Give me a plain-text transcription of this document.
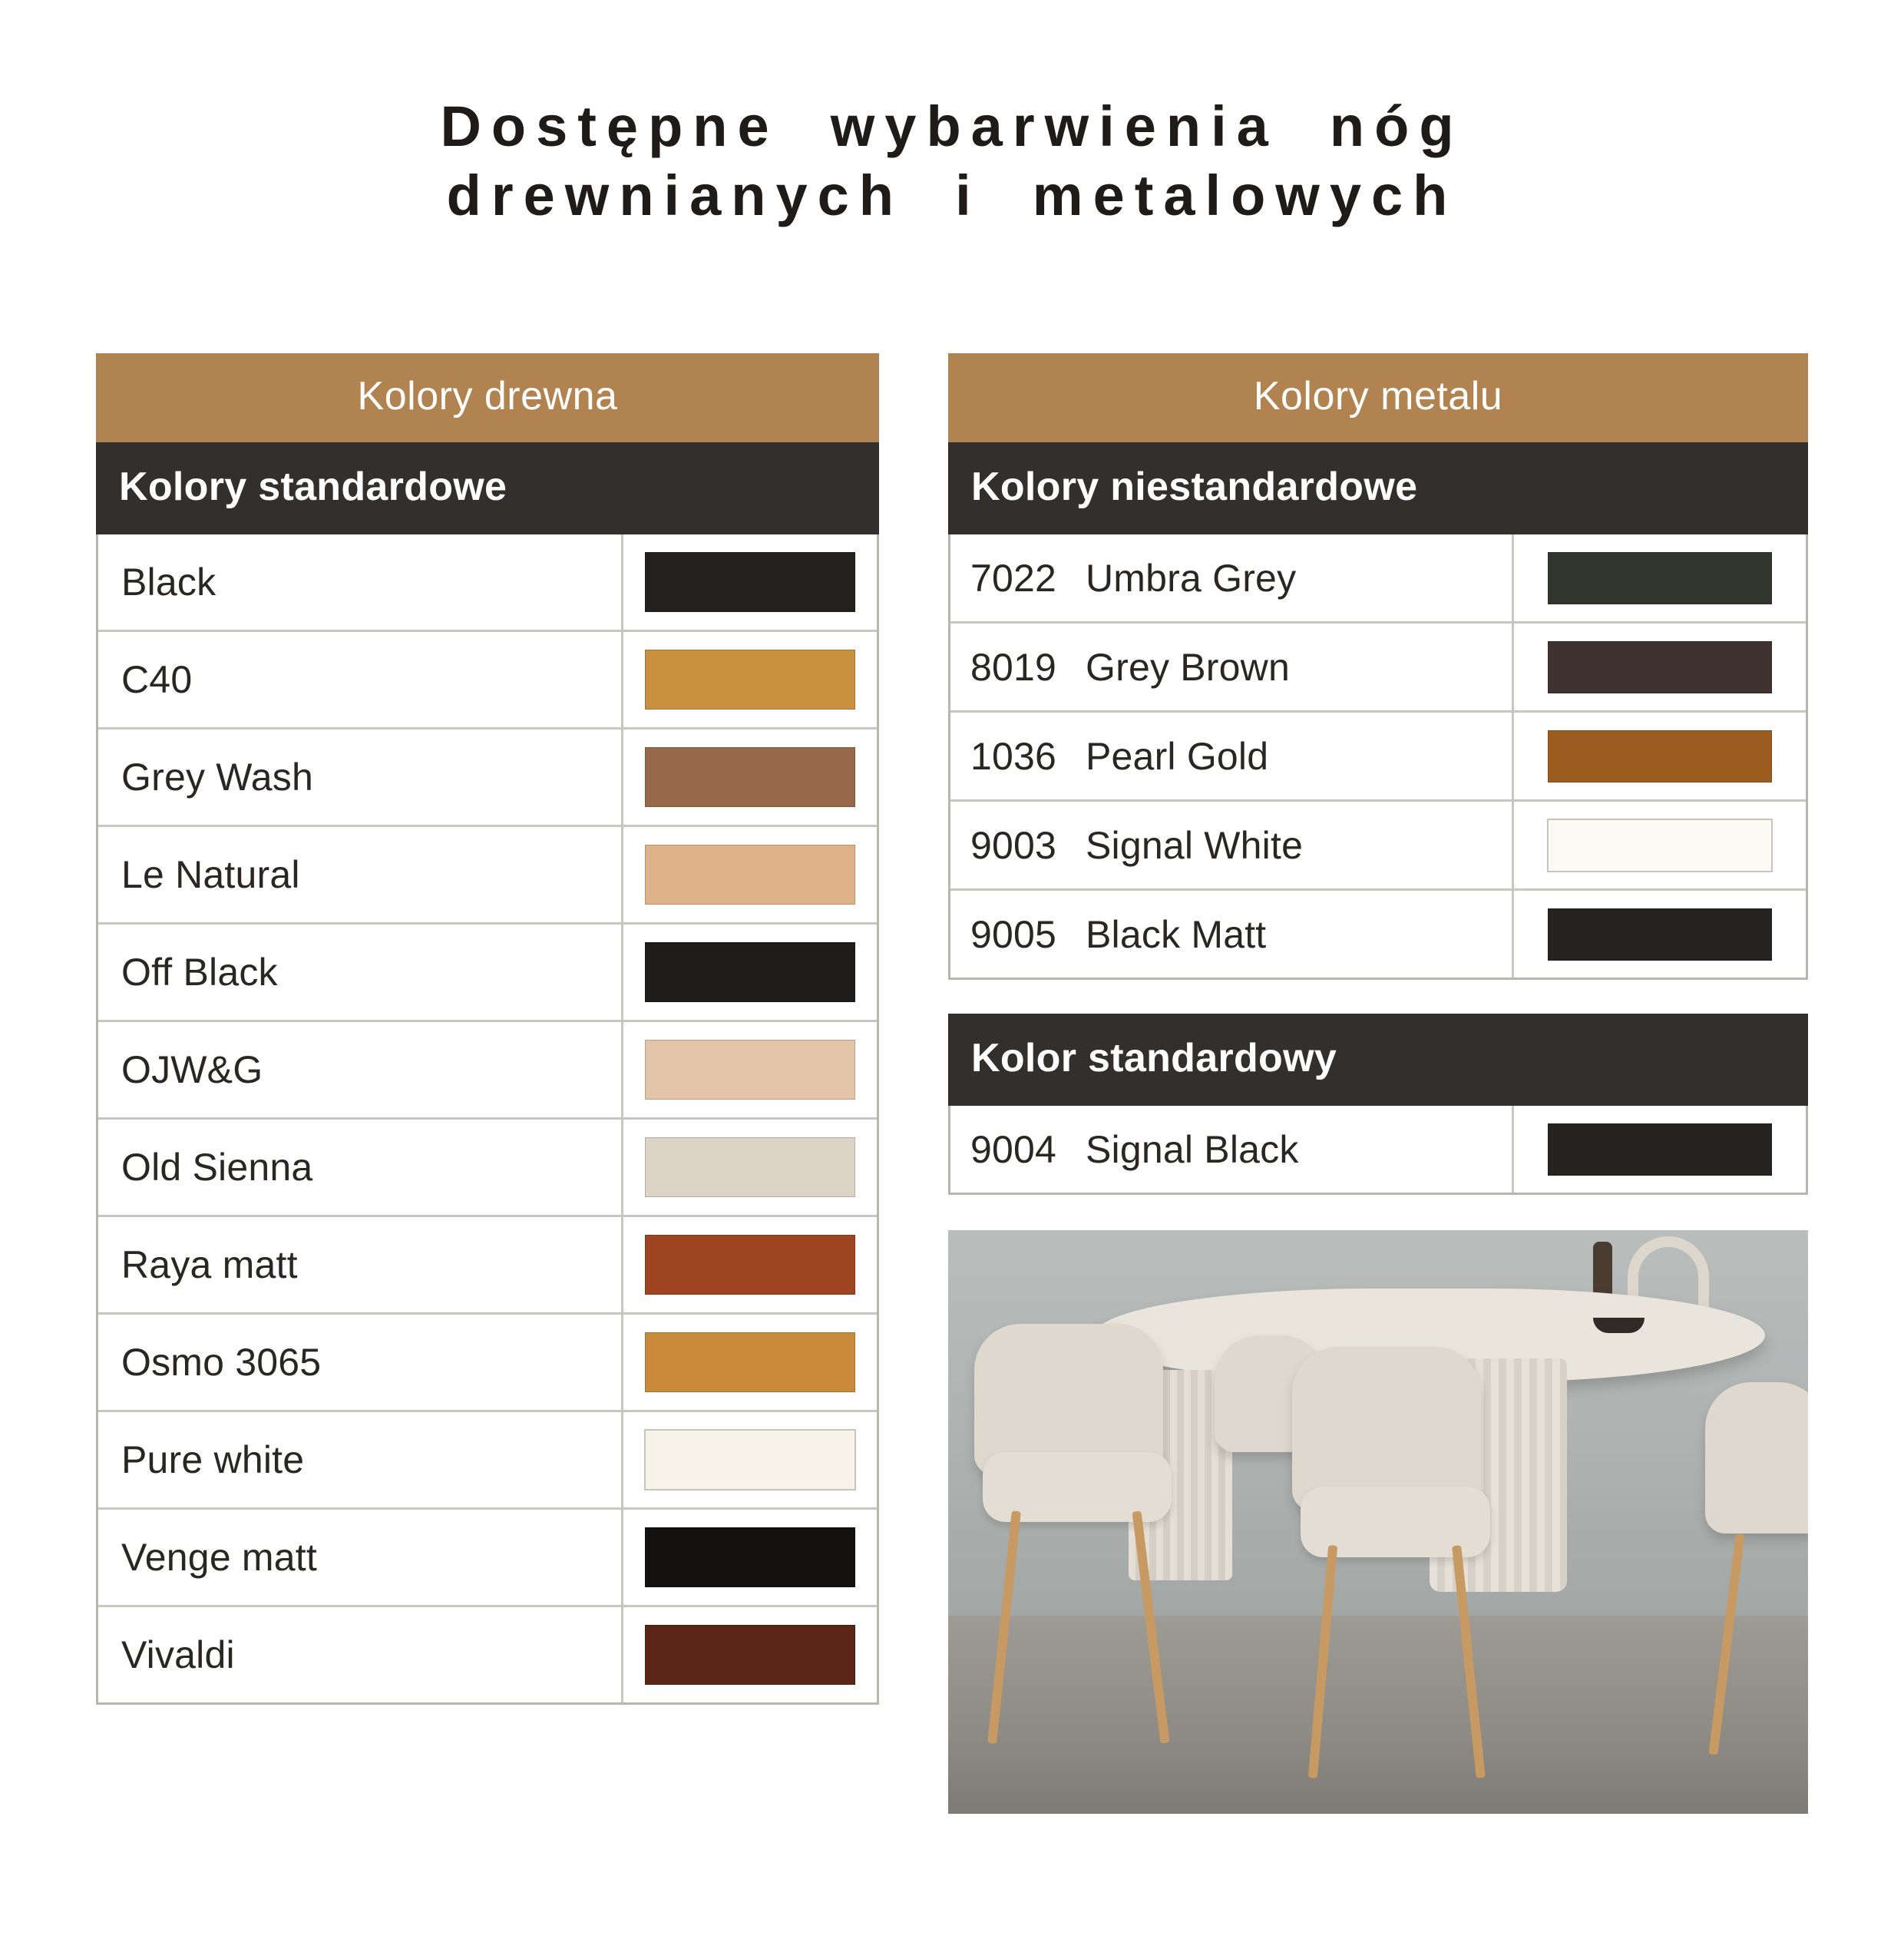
Dostępne  wybarwienia  nóg
drewnianych  i  metalowych
Kolory drewna
Kolory standardowe
Black
C40
Grey Wash
Le Natural
Off Black
OJW&G
Old Sienna
Raya matt
Osmo 3065
Pure white
Venge matt
Vivaldi
Kolory metalu
Kolory niestandardowe
7022 Umbra Grey
8019 Grey Brown
1036 Pearl Gold
9003 Signal White
9005 Black Matt
Kolor standardowy
9004 Signal Black
